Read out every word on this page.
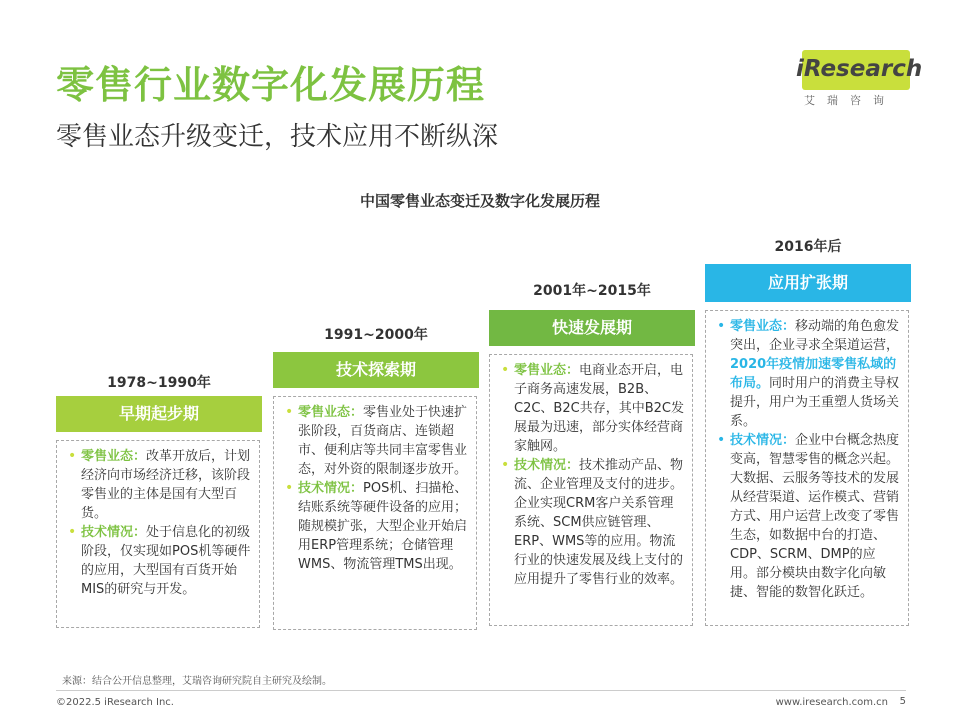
零售行业数字化发展历程
零售业态升级变迁，技术应用不断纵深
iResearch
艾瑞咨询
中国零售业态变迁及数字化发展历程
1978~1990年
早期起步期
• 零售业态：改革开放后，计划经济向市场经济迁移，该阶段零售业的主体是国有大型百货。
• 技术情况：处于信息化的初级阶段，仅实现如POS机等硬件的应用，大型国有百货开始MIS的研究与开发。
1991~2000年
技术探索期
• 零售业态：零售业处于快速扩张阶段，百货商店、连锁超市、便利店等共同丰富零售业态，对外资的限制逐步放开。
• 技术情况：POS机、扫描枪、结账系统等硬件设备的应用；随规模扩张，大型企业开始启用ERP管理系统；仓储管理WMS、物流管理TMS出现。
2001年~2015年
快速发展期
• 零售业态：电商业态开启，电子商务高速发展，B2B、C2C、B2C共存，其中B2C发展最为迅速，部分实体经营商家触网。
• 技术情况：技术推动产品、物流、企业管理及支付的进步。企业实现CRM客户关系管理系统、SCM供应链管理、ERP、WMS等的应用。物流行业的快速发展及线上支付的应用提升了零售行业的效率。
2016年后
应用扩张期
• 零售业态：移动端的角色愈发突出，企业寻求全渠道运营，2020年疫情加速零售私域的布局。同时用户的消费主导权提升，用户为王重塑人货场关系。
• 技术情况：企业中台概念热度变高，智慧零售的概念兴起。大数据、云服务等技术的发展从经营渠道、运作模式、营销方式、用户运营上改变了零售生态，如数据中台的打造、CDP、SCRM、DMP的应用。部分模块由数字化向敏捷、智能的数智化跃迁。
来源：结合公开信息整理，艾瑞咨询研究院自主研究及绘制。
©2022.5 iResearch Inc.	www.iresearch.com.cn 5
